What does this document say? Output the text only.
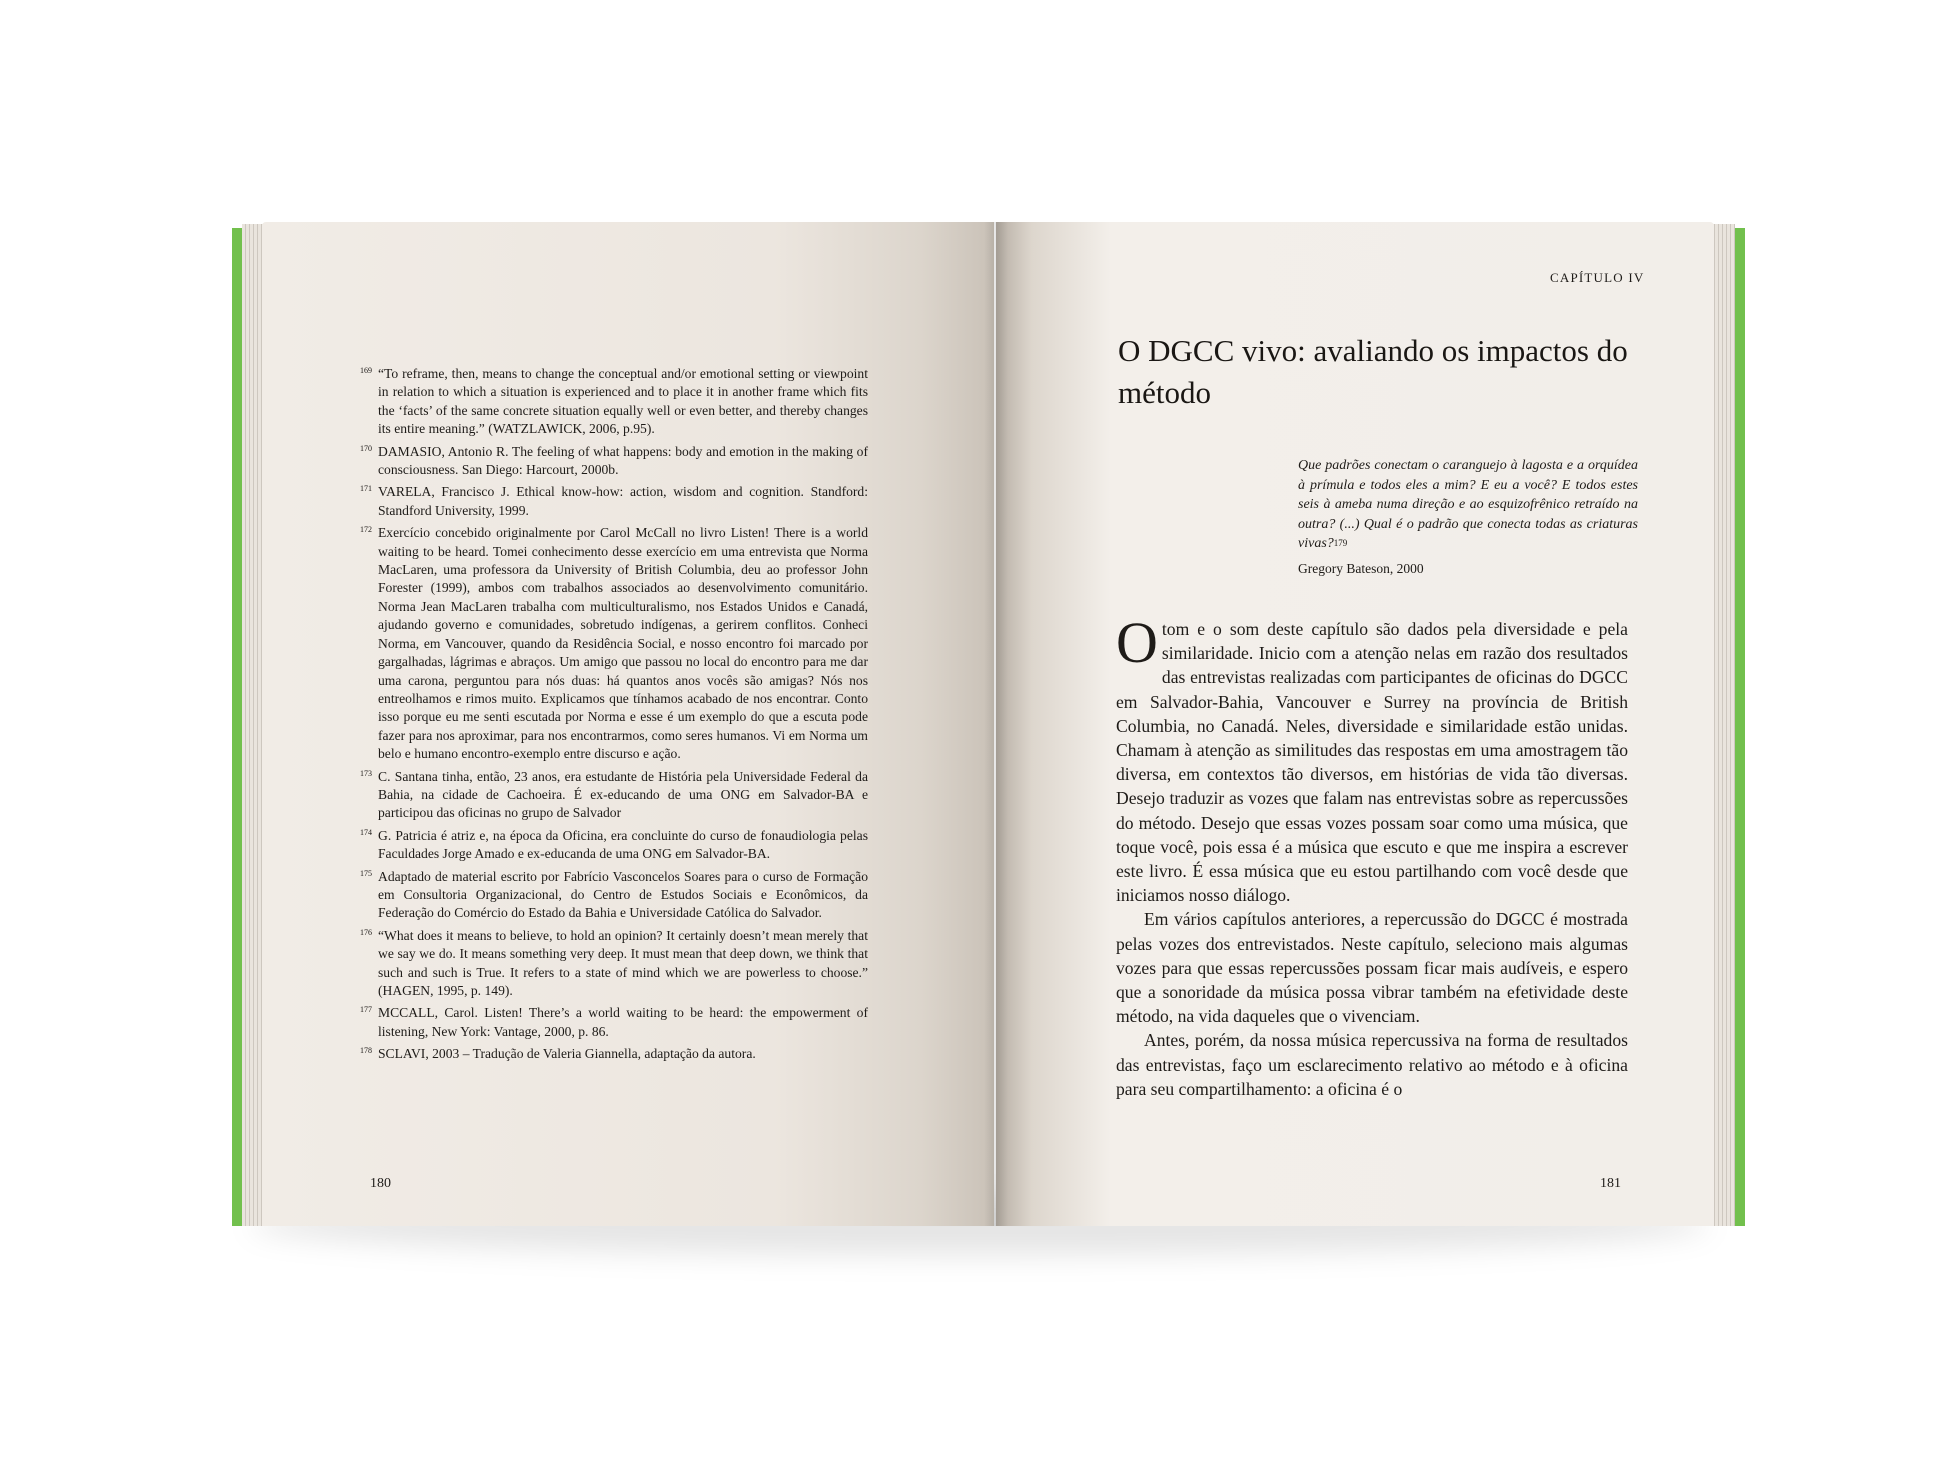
169 “To reframe, then, means to change the conceptual and/or emotional setting or viewpoint in relation to which a situation is experienced and to place it in another frame which fits the ‘facts’ of the same concrete situation equally well or even better, and thereby changes its entire meaning.” (WATZLAWICK, 2006, p.95).
170 DAMASIO, Antonio R. The feeling of what happens: body and emotion in the making of consciousness. San Diego: Harcourt, 2000b.
171 VARELA, Francisco J. Ethical know-how: action, wisdom and cognition. Standford: Standford University, 1999.
172 Exercício concebido originalmente por Carol McCall no livro Listen! There is a world waiting to be heard. Tomei conhecimento desse exercício em uma entrevista que Norma MacLaren, uma professora da University of British Columbia, deu ao professor John Forester (1999), ambos com trabalhos associados ao desenvolvimento comunitário. Norma Jean MacLaren trabalha com multiculturalismo, nos Estados Unidos e Canadá, ajudando governo e comunidades, sobretudo indígenas, a gerirem conflitos. Conheci Norma, em Vancouver, quando da Residência Social, e nosso encontro foi marcado por gargalhadas, lágrimas e abraços. Um amigo que passou no local do encontro para me dar uma carona, perguntou para nós duas: há quantos anos vocês são amigas? Nós nos entreolhamos e rimos muito. Explicamos que tínhamos acabado de nos encontrar. Conto isso porque eu me senti escutada por Norma e esse é um exemplo do que a escuta pode fazer para nos aproximar, para nos encontrarmos, como seres humanos. Vi em Norma um belo e humano encontro-exemplo entre discurso e ação.
173 C. Santana tinha, então, 23 anos, era estudante de História pela Universidade Federal da Bahia, na cidade de Cachoeira. É ex-educando de uma ONG em Salvador-BA e participou das oficinas no grupo de Salvador
174 G. Patricia é atriz e, na época da Oficina, era concluinte do curso de fonaudiologia pelas Faculdades Jorge Amado e ex-educanda de uma ONG em Salvador-BA.
175 Adaptado de material escrito por Fabrício Vasconcelos Soares para o curso de Formação em Consultoria Organizacional, do Centro de Estudos Sociais e Econômicos, da Federação do Comércio do Estado da Bahia e Universidade Católica do Salvador.
176 “What does it means to believe, to hold an opinion? It certainly doesn’t mean merely that we say we do. It means something very deep. It must mean that deep down, we think that such and such is True. It refers to a state of mind which we are powerless to choose.” (HAGEN, 1995, p. 149).
177 MCCALL, Carol. Listen! There’s a world waiting to be heard: the empowerment of listening, New York: Vantage, 2000, p. 86.
178 SCLAVI, 2003 – Tradução de Valeria Giannella, adaptação da autora.
180
CAPÍTULO IV
O DGCC vivo: avaliando os impactos do método
Que padrões conectam o caranguejo à lagosta e a orquídea à prímula e todos eles a mim? E eu a você? E todos estes seis à ameba numa direção e ao esquizofrênico retraído na outra? (...) Qual é o padrão que conecta todas as criaturas vivas?$^{179}$
Gregory Bateson, 2000

Otom e o som deste capítulo são dados pela diversidade e pela similaridade. Inicio com a atenção nelas em razão dos resultados das entrevistas realizadas com participantes de oficinas do DGCC em Salvador-Bahia, Vancouver e Surrey na província de British Columbia, no Canadá. Neles, diversidade e similaridade estão unidas. Chamam à atenção as similitudes das respostas em uma amostragem tão diversa, em contextos tão diversos, em histórias de vida tão diversas. Desejo traduzir as vozes que falam nas entrevistas sobre as repercussões do método. Desejo que essas vozes possam soar como uma música, que toque você, pois essa é a música que escuto e que me inspira a escrever este livro. É essa música que eu estou partilhando com você desde que iniciamos nosso diálogo.

Em vários capítulos anteriores, a repercussão do DGCC é mostrada pelas vozes dos entrevistados. Neste capítulo, seleciono mais algumas vozes para que essas repercussões possam ficar mais audíveis, e espero que a sonoridade da música possa vibrar também na efetividade deste método, na vida daqueles que o vivenciam.

Antes, porém, da nossa música repercussiva na forma de resultados das entrevistas, faço um esclarecimento relativo ao método e à oficina para seu compartilhamento: a oficina é o

181
